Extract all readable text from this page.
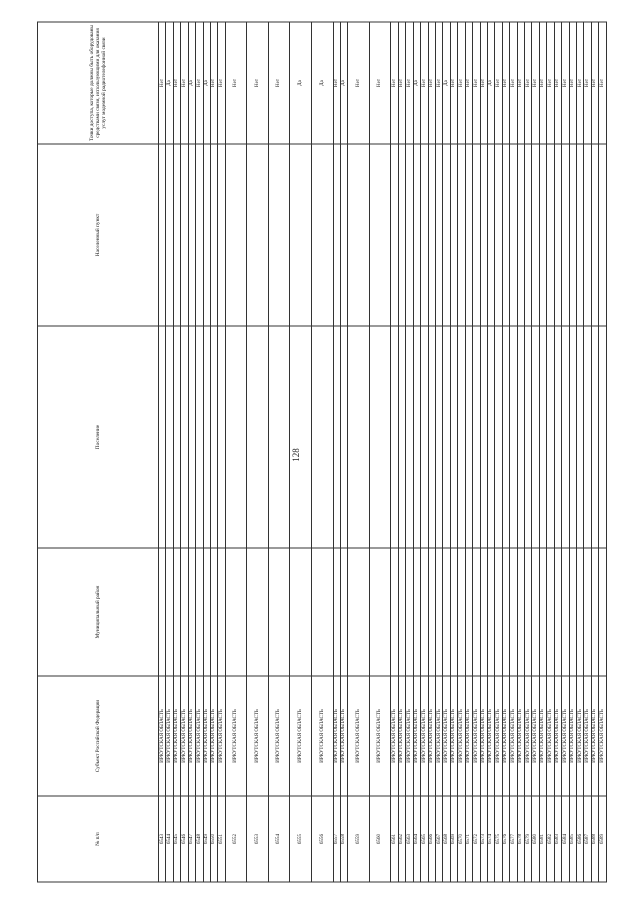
128
№ п/п	Субъект Российской Федерации	Муниципальный район	Поселение	Населенный пункт	Точки доступа, которые должны быть оборудованы средствами связи, использующими для оказания услуг модемной радиотелефонной связи
6543	ИРКУТСКАЯ ОБЛАСТЬ				Нет
6544	ИРКУТСКАЯ ОБЛАСТЬ				Да
6545	ИРКУТСКАЯ ОБЛАСТЬ				Нет
6546	ИРКУТСКАЯ ОБЛАСТЬ				Нет
6547	ИРКУТСКАЯ ОБЛАСТЬ				Да
6548	ИРКУТСКАЯ ОБЛАСТЬ				Нет
6549	ИРКУТСКАЯ ОБЛАСТЬ				Да
6550	ИРКУТСКАЯ ОБЛАСТЬ				Нет
6551	ИРКУТСКАЯ ОБЛАСТЬ				Нет
6552	ИРКУТСКАЯ ОБЛАСТЬ				Нет
6553	ИРКУТСКАЯ ОБЛАСТЬ				Нет
6554	ИРКУТСКАЯ ОБЛАСТЬ				Нет
6555	ИРКУТСКАЯ ОБЛАСТЬ				Да
6556	ИРКУТСКАЯ ОБЛАСТЬ				Да
6557	ИРКУТСКАЯ ОБЛАСТЬ				Нет
6558	ИРКУТСКАЯ ОБЛАСТЬ				Да
6559	ИРКУТСКАЯ ОБЛАСТЬ				Нет
6560	ИРКУТСКАЯ ОБЛАСТЬ				Нет
6561	ИРКУТСКАЯ ОБЛАСТЬ				Нет
6562	ИРКУТСКАЯ ОБЛАСТЬ				Нет
6563	ИРКУТСКАЯ ОБЛАСТЬ				Нет
6564	ИРКУТСКАЯ ОБЛАСТЬ				Да
6565	ИРКУТСКАЯ ОБЛАСТЬ				Нет
6566	ИРКУТСКАЯ ОБЛАСТЬ				Нет
6567	ИРКУТСКАЯ ОБЛАСТЬ				Нет
6568	ИРКУТСКАЯ ОБЛАСТЬ				Да
6569	ИРКУТСКАЯ ОБЛАСТЬ				Нет
6570	ИРКУТСКАЯ ОБЛАСТЬ				Нет
6571	ИРКУТСКАЯ ОБЛАСТЬ				Нет
6572	ИРКУТСКАЯ ОБЛАСТЬ				Нет
6573	ИРКУТСКАЯ ОБЛАСТЬ				Нет
6574	ИРКУТСКАЯ ОБЛАСТЬ				Да
6575	ИРКУТСКАЯ ОБЛАСТЬ				Нет
6576	ИРКУТСКАЯ ОБЛАСТЬ				Нет
6577	ИРКУТСКАЯ ОБЛАСТЬ				Нет
6578	ИРКУТСКАЯ ОБЛАСТЬ				Нет
6579	ИРКУТСКАЯ ОБЛАСТЬ				Нет
6580	ИРКУТСКАЯ ОБЛАСТЬ				Нет
6581	ИРКУТСКАЯ ОБЛАСТЬ				Нет
6582	ИРКУТСКАЯ ОБЛАСТЬ				Нет
6583	ИРКУТСКАЯ ОБЛАСТЬ				Нет
6584	ИРКУТСКАЯ ОБЛАСТЬ				Нет
6585	ИРКУТСКАЯ ОБЛАСТЬ				Нет
6586	ИРКУТСКАЯ ОБЛАСТЬ				Нет
6587	ИРКУТСКАЯ ОБЛАСТЬ				Нет
6588	ИРКУТСКАЯ ОБЛАСТЬ				Нет
6589	ИРКУТСКАЯ ОБЛАСТЬ				Нет
